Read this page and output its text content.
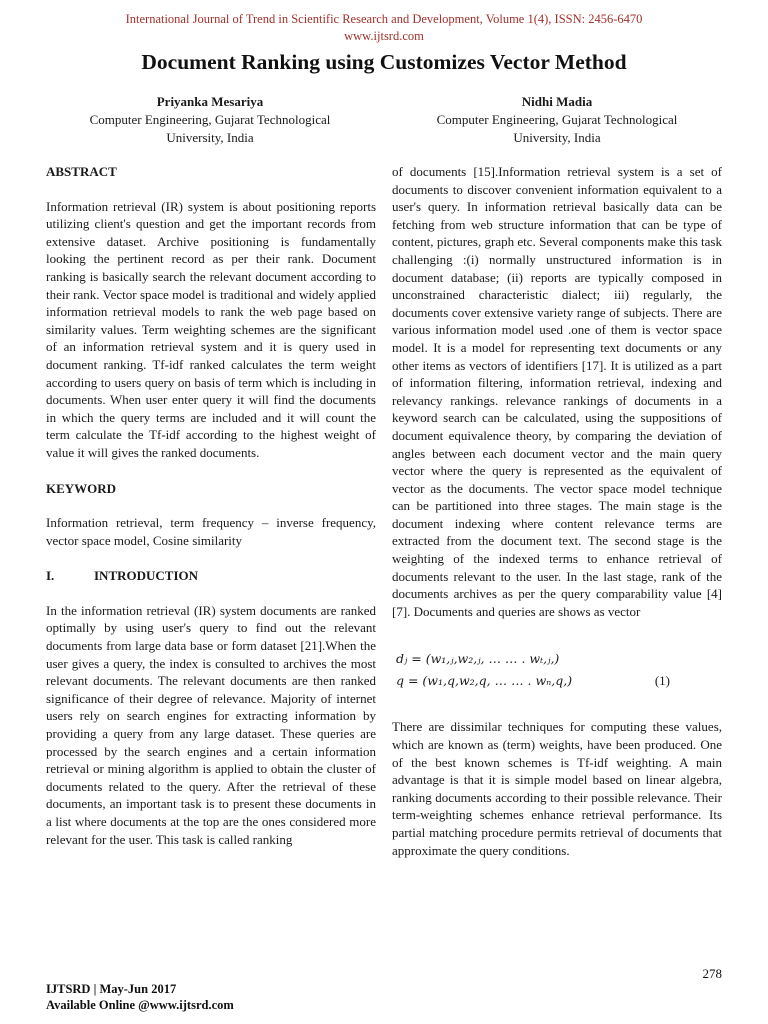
International Journal of Trend in Scientific Research and Development, Volume 1(4), ISSN: 2456-6470
www.ijtsrd.com
Document Ranking using Customizes Vector Method
Priyanka Mesariya
Computer Engineering, Gujarat Technological
University, India
Nidhi Madia
Computer Engineering, Gujarat Technological
University, India

ABSTRACT

Information retrieval (IR) system is about positioning reports utilizing client's question and get the important records from extensive dataset. Archive positioning is fundamentally looking the pertinent record as per their rank. Document ranking is basically search the relevant document according to their rank. Vector space model is traditional and widely applied information retrieval models to rank the web page based on similarity values. Term weighting schemes are the significant of an information retrieval system and it is query used in document ranking. Tf-idf ranked calculates the term weight according to users query on basis of term which is including in documents. When user enter query it will find the documents in which the query terms are included and it will count the term calculate the Tf-idf according to the highest weight of value it will gives the ranked documents.

KEYWORD

Information retrieval, term frequency – inverse frequency, vector space model, Cosine similarity

I.	INTRODUCTION

In the information retrieval (IR) system documents are ranked optimally by using user's query to find out the relevant documents from large data base or form dataset [21].When the user gives a query, the index is consulted to archives the most relevant documents. The relevant documents are then ranked significance of their degree of relevance. Majority of internet users rely on search engines for extracting information by providing a query from any large dataset. These queries are processed by the search engines and a certain information retrieval or mining algorithm is applied to obtain the cluster of documents related to the query. After the retrieval of these documents, an important task is to present these documents in a list where documents at the top are the ones considered more relevant for the user. This task is called ranking

of documents [15].Information retrieval system is a set of documents to discover convenient information equivalent to a user's query. In information retrieval basically data can be fetching from web structure information that can be type of content, pictures, graph etc. Several components make this task challenging :(i) normally unstructured information is in document database; (ii) reports are typically composed in unconstrained characteristic dialect; iii) regularly, the documents cover extensive variety range of subjects. There are various information model used .one of them is vector space model. It is a model for representing text documents or any other items as vectors of identifiers [17]. It is utilized as a part of information filtering, information retrieval, indexing and relevancy rankings. relevance rankings of documents in a keyword search can be calculated, using the suppositions of document equivalence theory, by comparing the deviation of angles between each document vector and the main query vector where the query is represented as the equivalent of vector as the documents. The vector space model technique can be partitioned into three stages. The main stage is the document indexing where content relevance terms are extracted from the document text. The second stage is the weighting of the indexed terms to enhance retrieval of documents relevant to the user. In the last stage, rank of the documents archives as per the query comparability value [4] [7]. Documents and queries are shows as vector

dⱼ = (w₁,ⱼ,w₂,ⱼ, … … . wₜ,ⱼ,)
q = (w₁,q,w₂,q, … … . wₙ,q,)	(1)

There are dissimilar techniques for computing these values, which are known as (term) weights, have been produced. One of the best known schemes is Tf-idf weighting. A main advantage is that it is simple model based on linear algebra, ranking documents according to their possible relevance. Their term-weighting schemes enhance retrieval performance. Its partial matching procedure permits retrieval of documents that approximate the query conditions.

278
IJTSRD | May-Jun 2017
Available Online @www.ijtsrd.com
